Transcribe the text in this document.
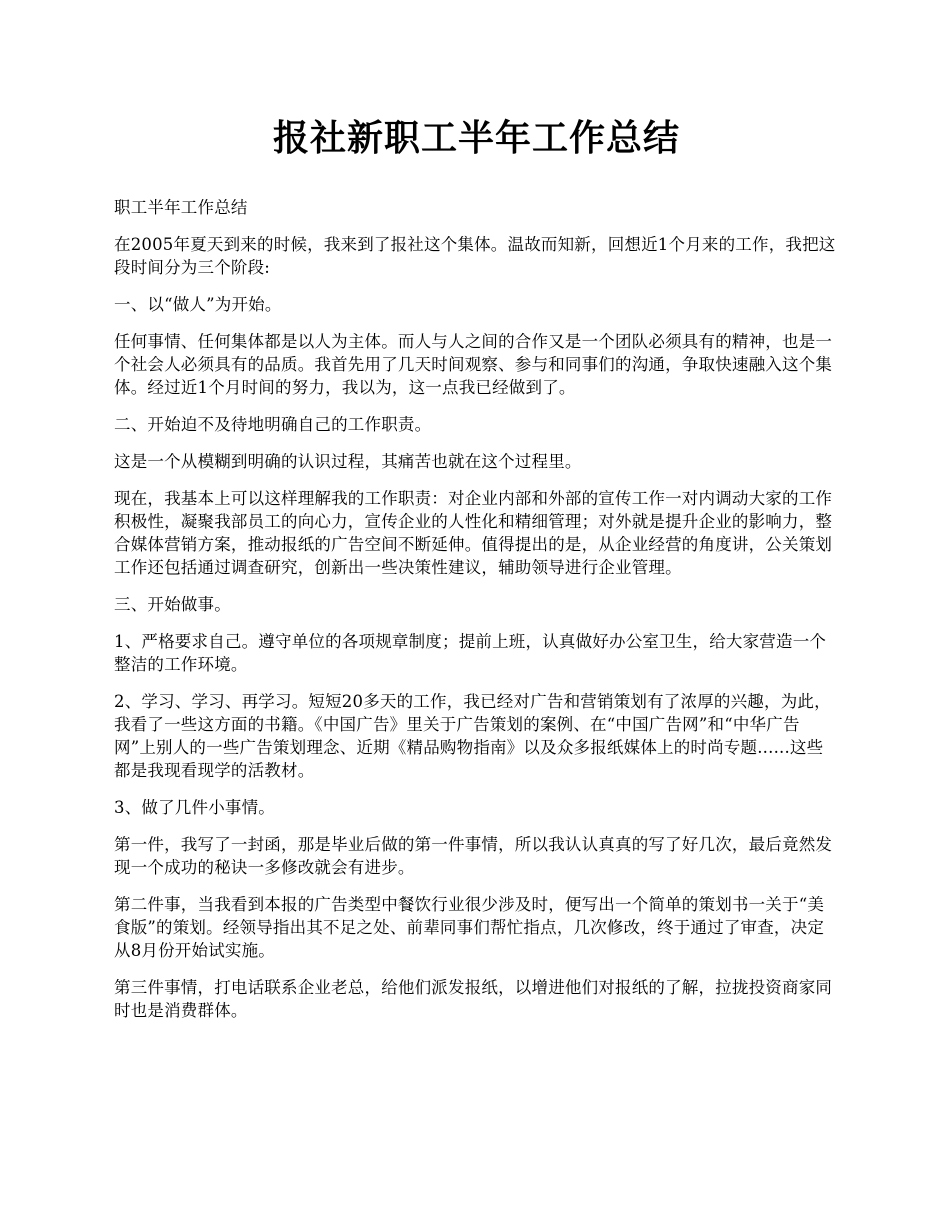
报社新职工半年工作总结

职工半年工作总结

在2005年夏天到来的时候，我来到了报社这个集体。温故而知新，回想近1个月来的工作，我把这段时间分为三个阶段:

一、以“做人”为开始。

任何事情、任何集体都是以人为主体。而人与人之间的合作又是一个团队必须具有的精神，也是一个社会人必须具有的品质。我首先用了几天时间观察、参与和同事们的沟通，争取快速融入这个集体。经过近1个月时间的努力，我以为，这一点我已经做到了。

二、开始迫不及待地明确自己的工作职责。

这是一个从模糊到明确的认识过程，其痛苦也就在这个过程里。

现在，我基本上可以这样理解我的工作职责：对企业内部和外部的宣传工作一对内调动大家的工作积极性，凝聚我部员工的向心力，宣传企业的人性化和精细管理；对外就是提升企业的影响力，整合媒体营销方案，推动报纸的广告空间不断延伸。值得提出的是，从企业经营的角度讲，公关策划工作还包括通过调查研究，创新出一些决策性建议，辅助领导进行企业管理。

三、开始做事。

1、严格要求自己。遵守单位的各项规章制度；提前上班，认真做好办公室卫生，给大家营造一个整洁的工作环境。

2、学习、学习、再学习。短短20多天的工作，我已经对广告和营销策划有了浓厚的兴趣，为此，我看了一些这方面的书籍。《中国广告》里关于广告策划的案例、在“中国广告网”和“中华广告网”上别人的一些广告策划理念、近期《精品购物指南》以及众多报纸媒体上的时尚专题......这些都是我现看现学的活教材。

3、做了几件小事情。

第一件，我写了一封函，那是毕业后做的第一件事情，所以我认认真真的写了好几次，最后竟然发现一个成功的秘诀一多修改就会有进步。

第二件事，当我看到本报的广告类型中餐饮行业很少涉及时，便写出一个简单的策划书一关于“美食版”的策划。经领导指出其不足之处、前辈同事们帮忙指点，几次修改，终于通过了审查，决定从8月份开始试实施。

第三件事情，打电话联系企业老总，给他们派发报纸，以增进他们对报纸的了解，拉拢投资商家同时也是消费群体。
